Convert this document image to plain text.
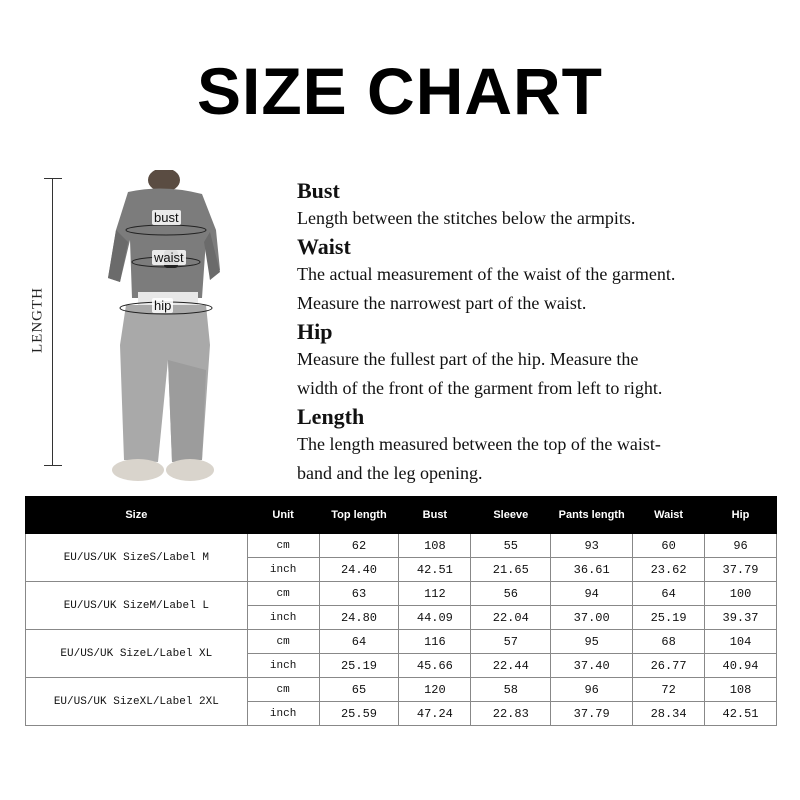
SIZE CHART
LENGTH
bust
waist
hip
Bust
Length between the stitches below the armpits.
Waist
The actual measurement of the waist of the garment.
Measure the narrowest part of the waist.
Hip
Measure the fullest part of the hip. Measure the
width of the front of the garment from left to right.
Length
The length measured between the top of the waist-
band and the leg opening.
Size	Unit	Top length	Bust	Sleeve	Pants length	Waist	Hip
EU/US/UK SizeS/Label M	cm	62	108	55	93	60	96
	inch	24.40	42.51	21.65	36.61	23.62	37.79
EU/US/UK SizeM/Label L	cm	63	112	56	94	64	100
	inch	24.80	44.09	22.04	37.00	25.19	39.37
EU/US/UK SizeL/Label XL	cm	64	116	57	95	68	104
	inch	25.19	45.66	22.44	37.40	26.77	40.94
EU/US/UK SizeXL/Label 2XL	cm	65	120	58	96	72	108
	inch	25.59	47.24	22.83	37.79	28.34	42.51
